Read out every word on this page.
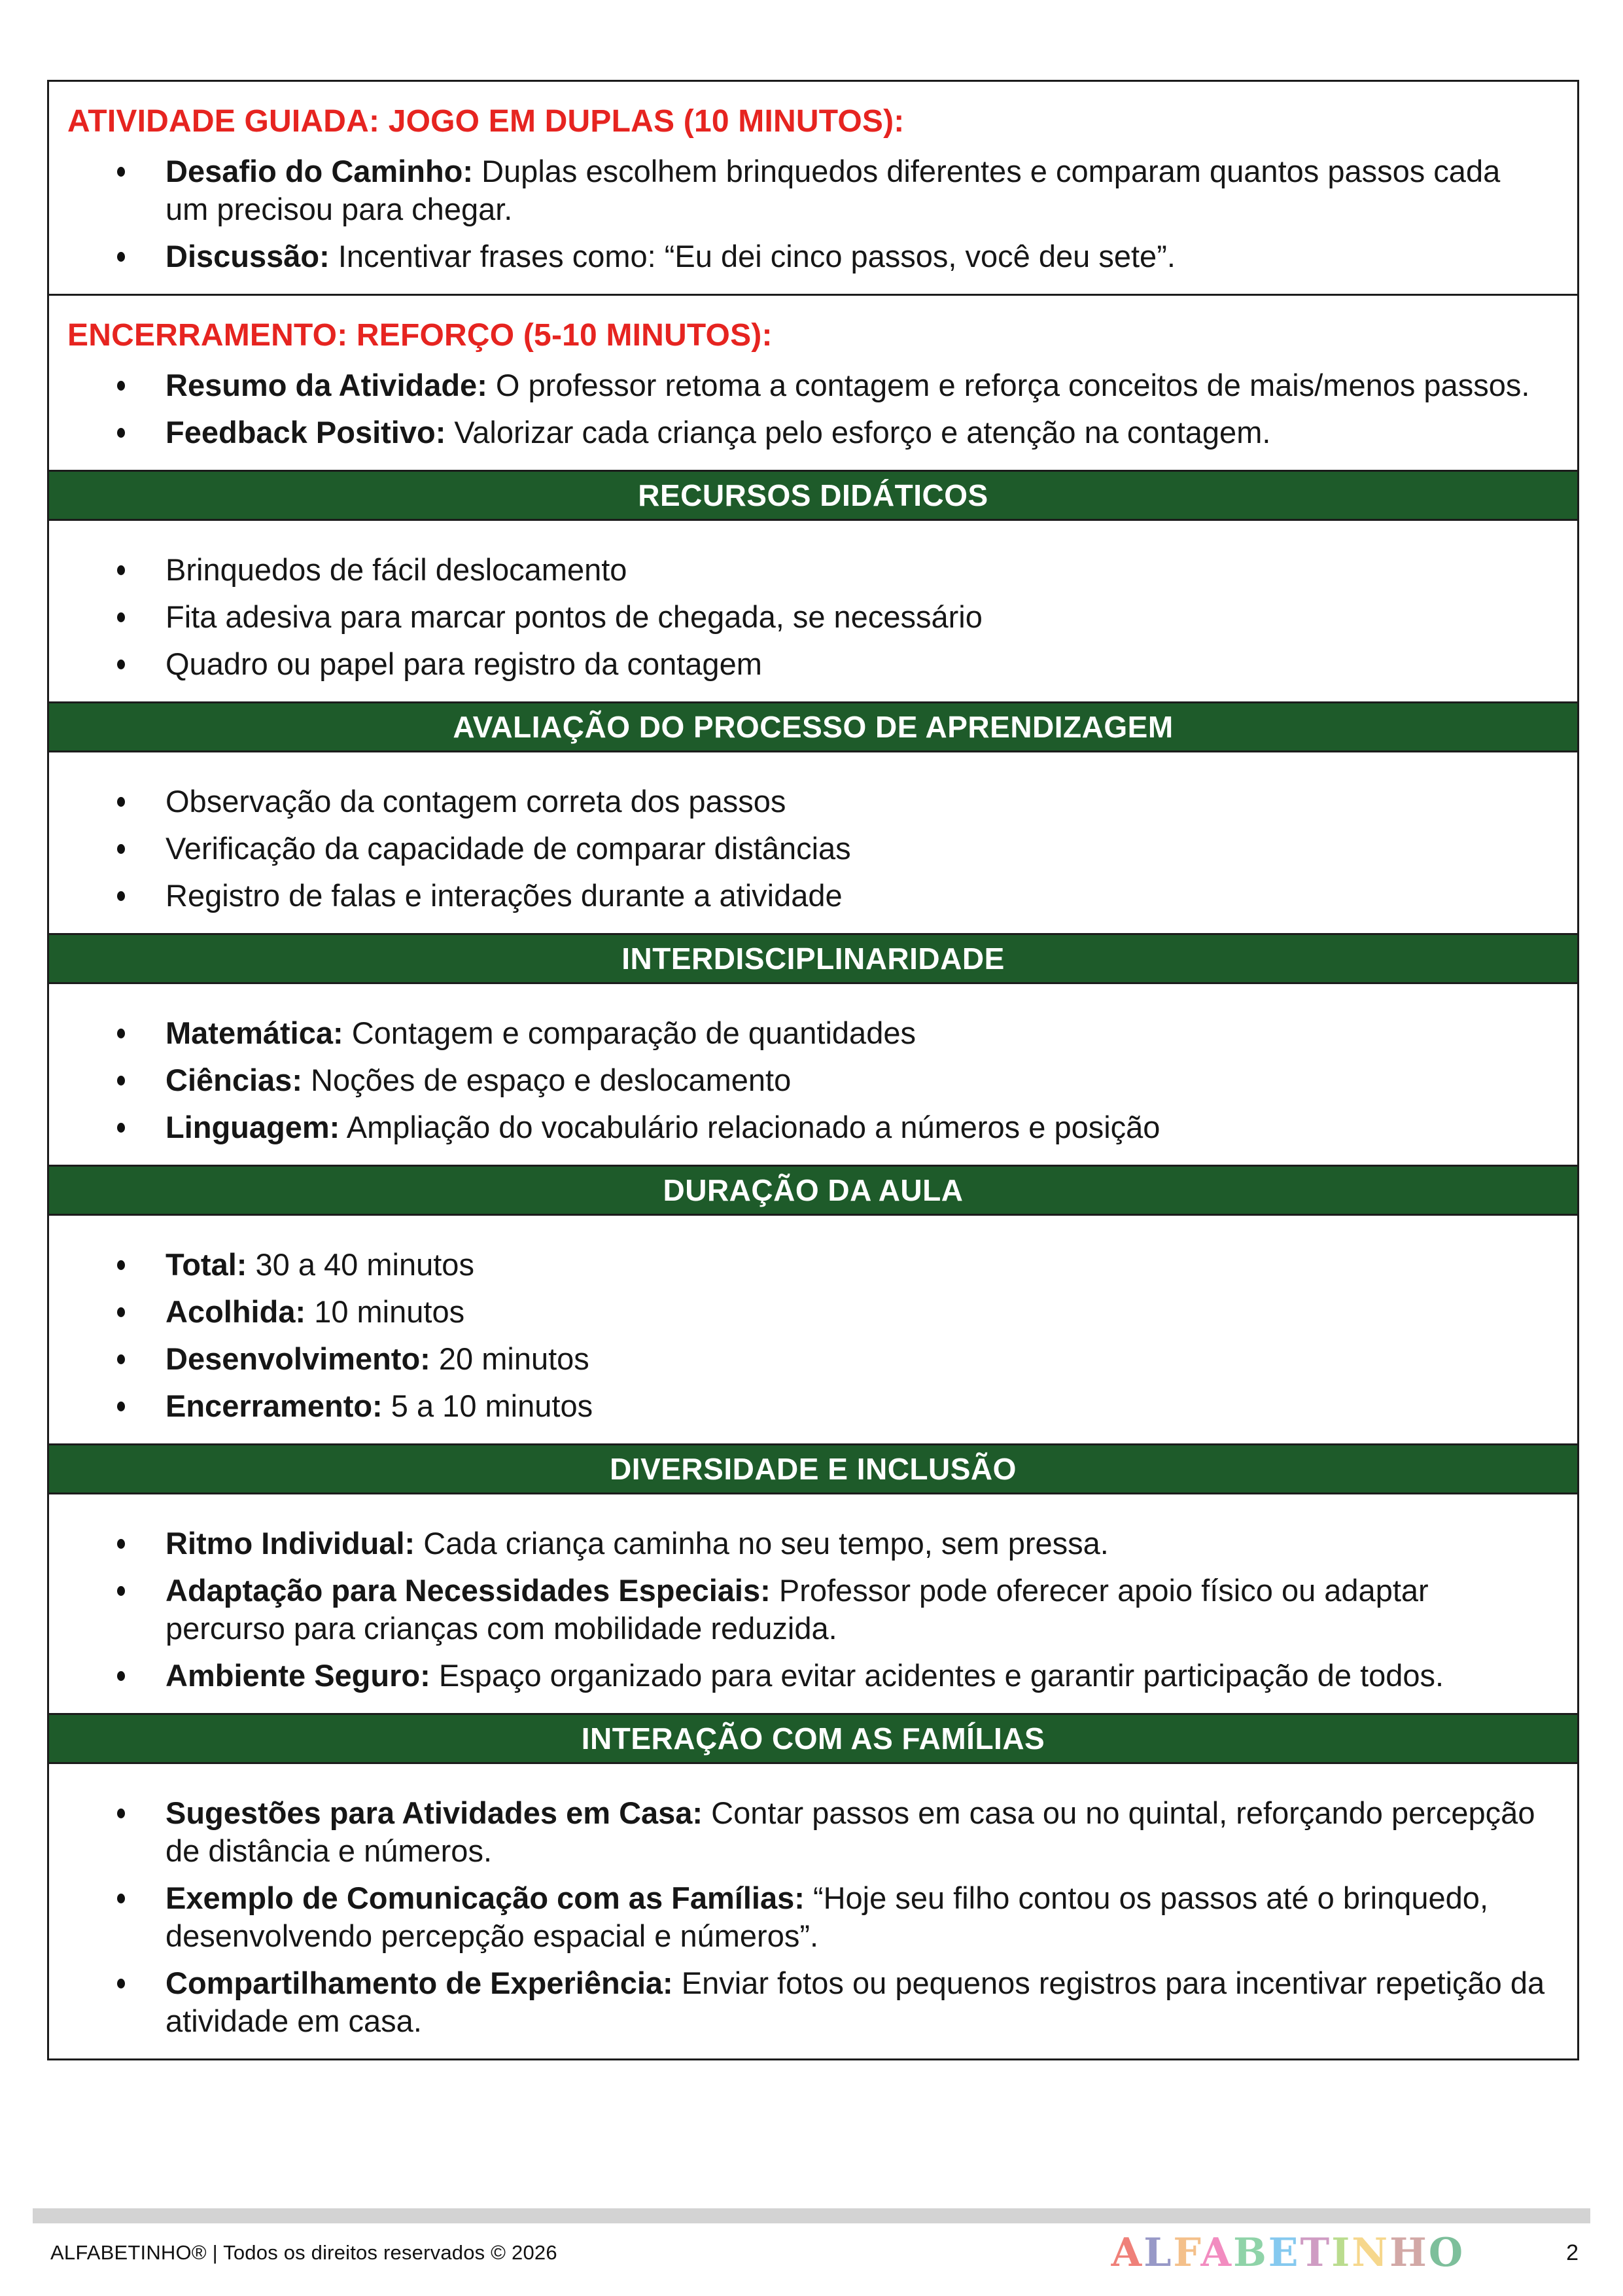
ATIVIDADE GUIADA: JOGO EM DUPLAS (10 MINUTOS):
Desafio do Caminho: Duplas escolhem brinquedos diferentes e comparam quantos passos cada um precisou para chegar.
Discussão: Incentivar frases como: “Eu dei cinco passos, você deu sete”.
ENCERRAMENTO: REFORÇO (5-10 MINUTOS):
Resumo da Atividade: O professor retoma a contagem e reforça conceitos de mais/menos passos.
Feedback Positivo: Valorizar cada criança pelo esforço e atenção na contagem.
RECURSOS DIDÁTICOS
Brinquedos de fácil deslocamento
Fita adesiva para marcar pontos de chegada, se necessário
Quadro ou papel para registro da contagem
AVALIAÇÃO DO PROCESSO DE APRENDIZAGEM
Observação da contagem correta dos passos
Verificação da capacidade de comparar distâncias
Registro de falas e interações durante a atividade
INTERDISCIPLINARIDADE
Matemática: Contagem e comparação de quantidades
Ciências: Noções de espaço e deslocamento
Linguagem: Ampliação do vocabulário relacionado a números e posição
DURAÇÃO DA AULA
Total: 30 a 40 minutos
Acolhida: 10 minutos
Desenvolvimento: 20 minutos
Encerramento: 5 a 10 minutos
DIVERSIDADE E INCLUSÃO
Ritmo Individual: Cada criança caminha no seu tempo, sem pressa.
Adaptação para Necessidades Especiais: Professor pode oferecer apoio físico ou adaptar percurso para crianças com mobilidade reduzida.
Ambiente Seguro: Espaço organizado para evitar acidentes e garantir participação de todos.
INTERAÇÃO COM AS FAMÍLIAS
Sugestões para Atividades em Casa: Contar passos em casa ou no quintal, reforçando percepção de distância e números.
Exemplo de Comunicação com as Famílias: “Hoje seu filho contou os passos até o brinquedo, desenvolvendo percepção espacial e números”.
Compartilhamento de Experiência: Enviar fotos ou pequenos registros para incentivar repetição da atividade em casa.
ALFABETINHO® | Todos os direitos reservados © 2026	ALFABETINHO	2
